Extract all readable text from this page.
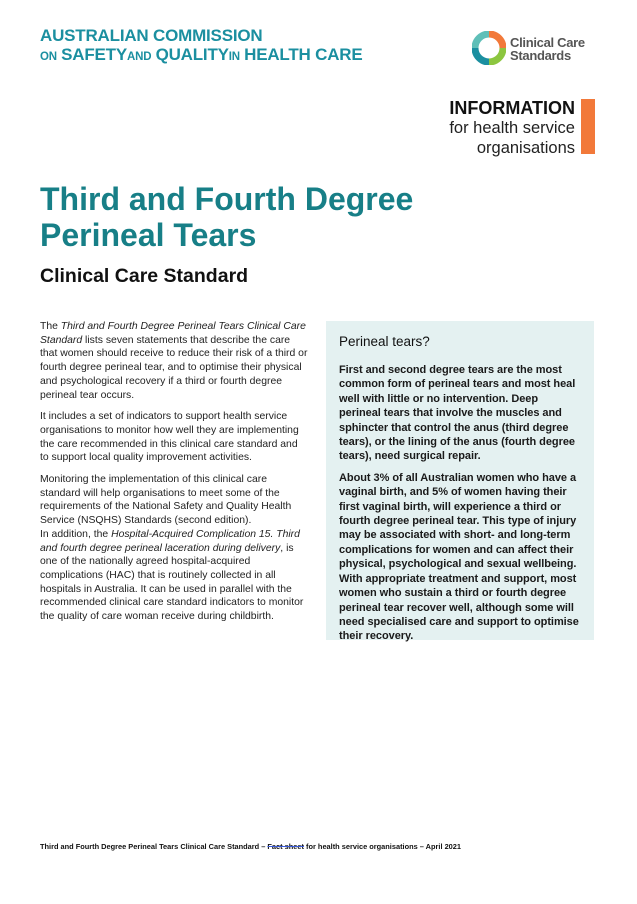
AUSTRALIAN COMMISSION
ON SAFETYAND QUALITYIN HEALTH CARE
Clinical Care
Standards
INFORMATION
for health service
organisations
Third and Fourth Degree
Perineal Tears
Clinical Care Standard

The Third and Fourth Degree Perineal Tears Clinical Care Standard lists seven statements that describe the care that women should receive to reduce their risk of a third or fourth degree perineal tear, and to optimise their physical and psychological recovery if a third or fourth degree perineal tear occurs.

It includes a set of indicators to support health service organisations to monitor how well they are implementing the care recommended in this clinical care standard and to support local quality improvement activities.

Monitoring the implementation of this clinical care standard will help organisations to meet some of the requirements of the National Safety and Quality Health Service (NSQHS) Standards (second edition).

In addition, the Hospital-Acquired Complication 15. Third and fourth degree perineal laceration during delivery, is one of the nationally agreed hospital-acquired complications (HAC) that is routinely collected in all hospitals in Australia. It can be used in parallel with the recommended clinical care standard indicators to monitor the quality of care woman receive during childbirth.

Perineal tears?

First and second degree tears are the most common form of perineal tears and most heal well with little or no intervention. Deep perineal tears that involve the muscles and sphincter that control the anus (third degree tears), or the lining of the anus (fourth degree tears), need surgical repair.

About 3% of all Australian women who have a vaginal birth, and 5% of women having their first vaginal birth, will experience a third or fourth degree perineal tear. This type of injury may be associated with short- and long-term complications for women and can affect their physical, psychological and sexual wellbeing. With appropriate treatment and support, most women who sustain a third or fourth degree perineal tear recover well, although some will need specialised care and support to optimise their recovery.

Third and Fourth Degree Perineal Tears Clinical Care Standard – Fact sheet for health service organisations – April 2021
